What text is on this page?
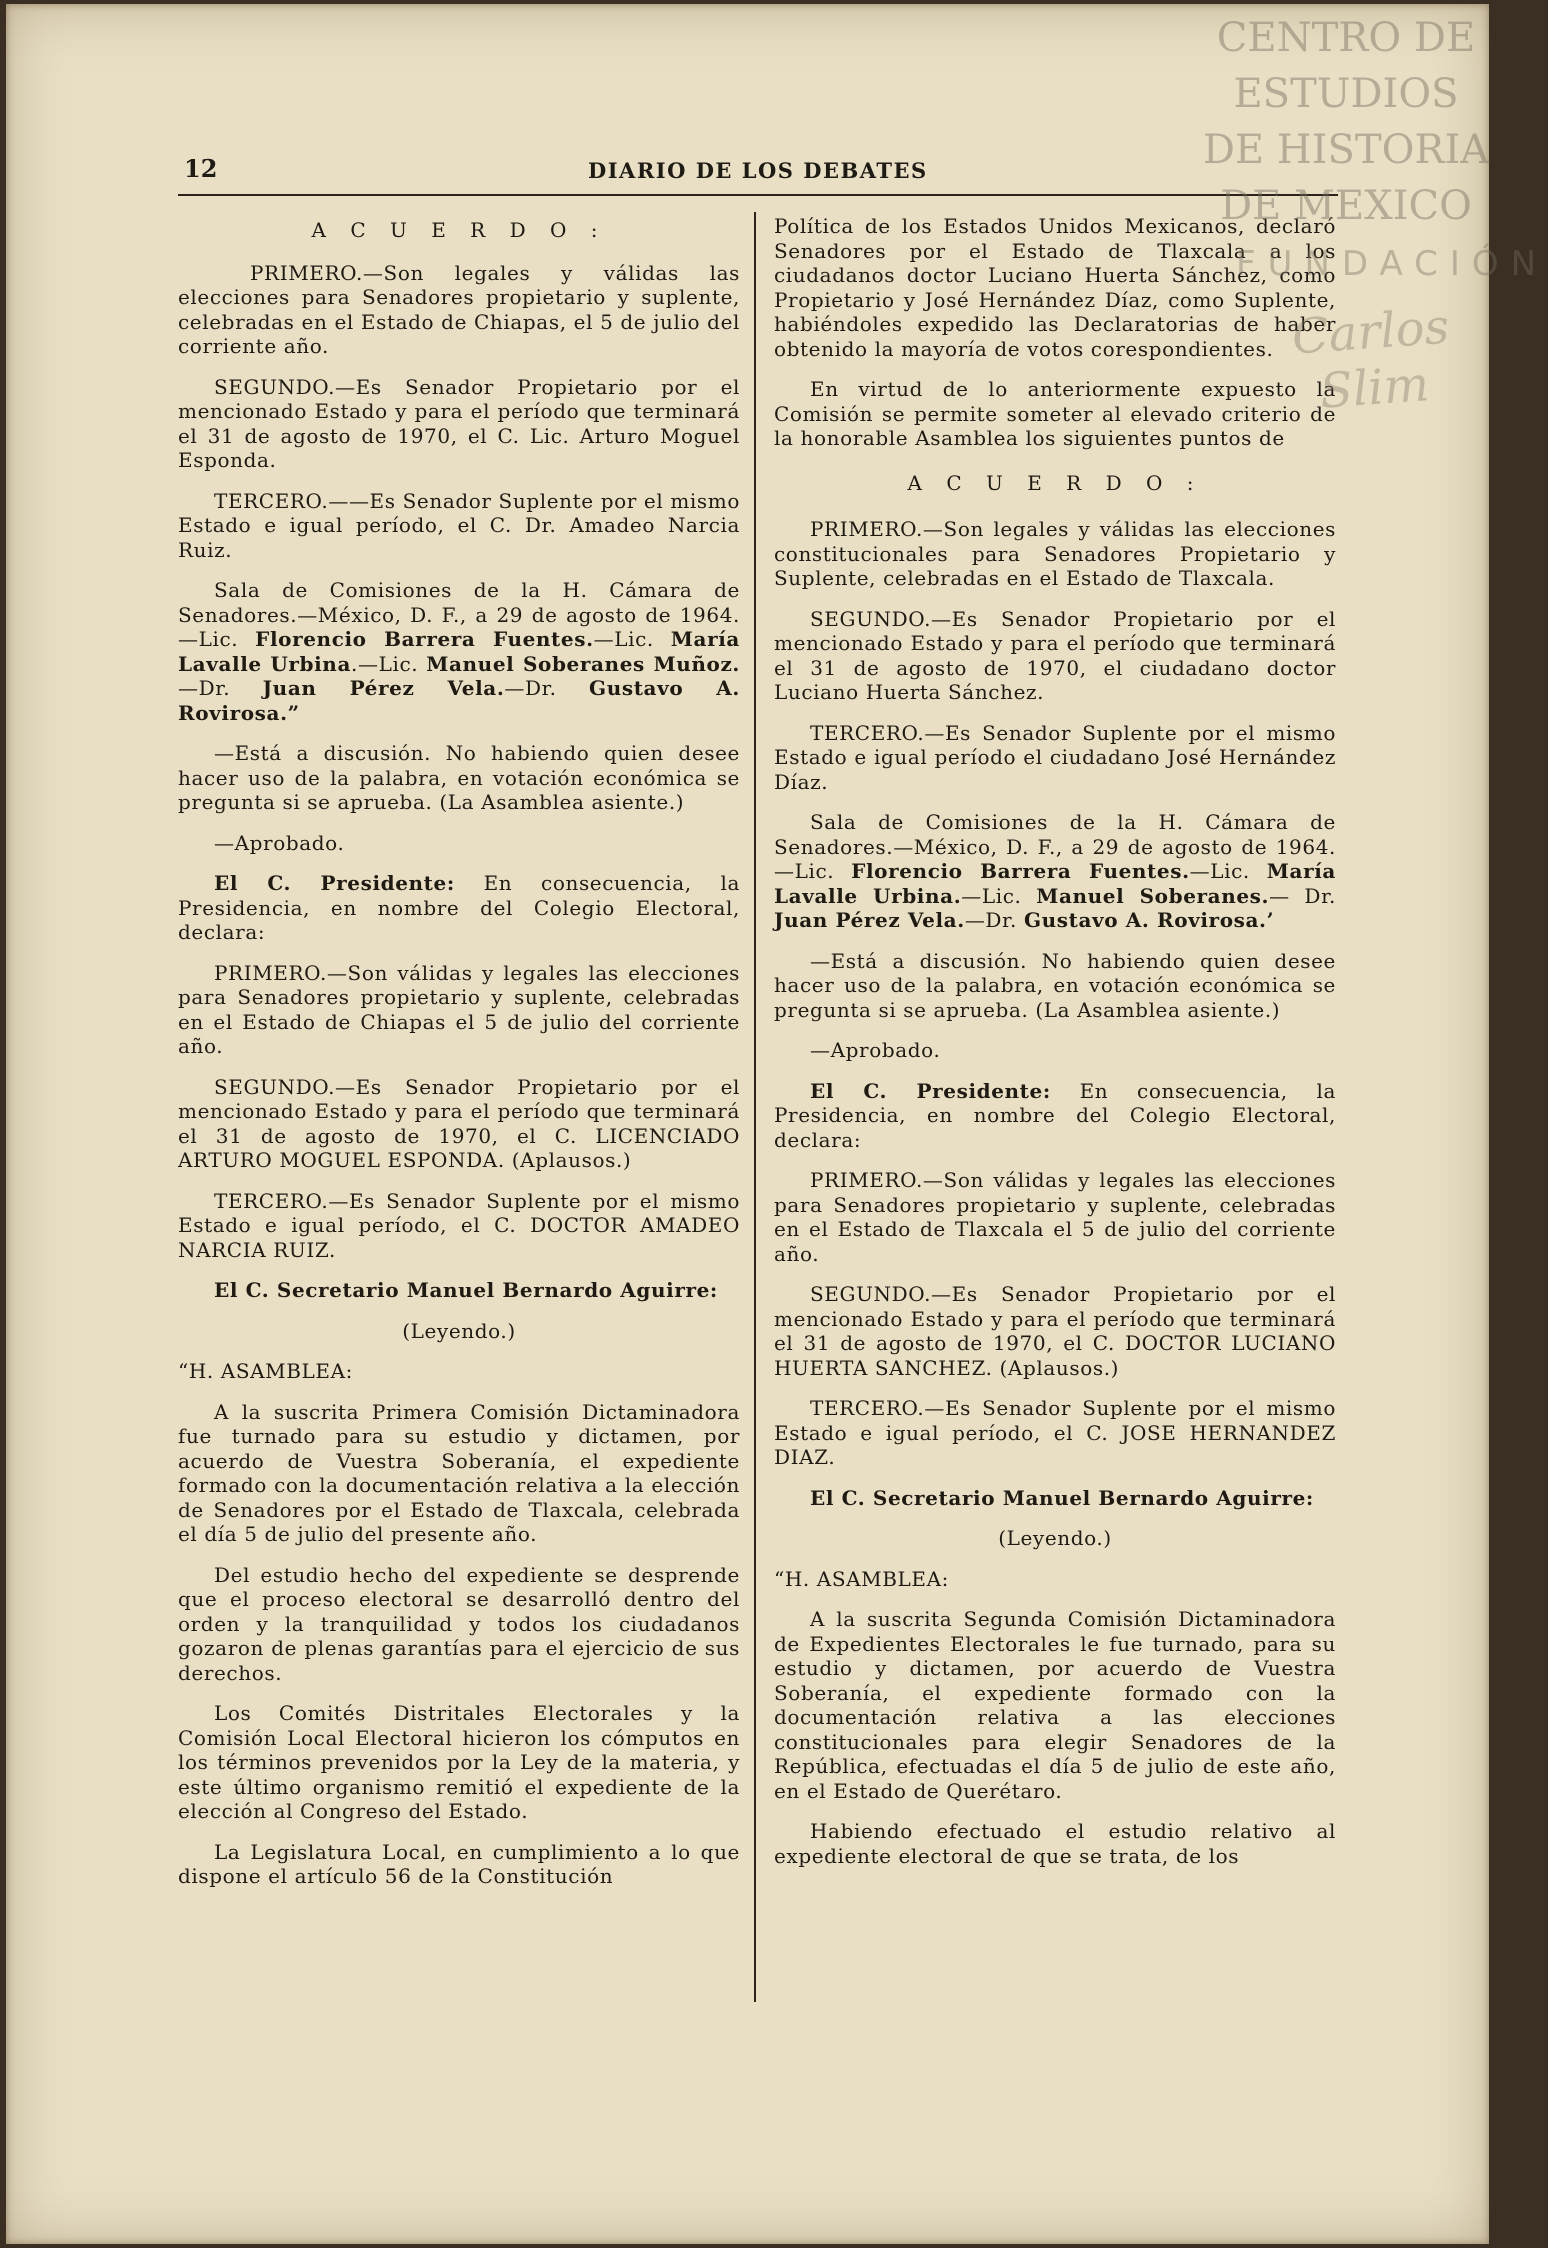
12	DIARIO DE LOS DEBATES

A C U E R D O :

PRIMERO.—Son legales y válidas las elecciones para Senadores propietario y suplente, celebradas en el Estado de Chiapas, el 5 de julio del corriente año.

SEGUNDO.—Es Senador Propietario por el mencionado Estado y para el período que terminará el 31 de agosto de 1970, el C. Lic. Arturo Moguel Esponda.

TERCERO.——Es Senador Suplente por el mismo Estado e igual período, el C. Dr. Amadeo Narcia Ruiz.

Sala de Comisiones de la H. Cámara de Senadores.—México, D. F., a 29 de agosto de 1964.—Lic. Florencio Barrera Fuentes.—Lic. María Lavalle Urbina.—Lic. Manuel Soberanes Muñoz.—Dr. Juan Pérez Vela.—Dr. Gustavo A. Rovirosa.”

—Está a discusión. No habiendo quien desee hacer uso de la palabra, en votación económica se pregunta si se aprueba. (La Asamblea asiente.)

—Aprobado.

El C. Presidente: En consecuencia, la Presidencia, en nombre del Colegio Electoral, declara:

PRIMERO.—Son válidas y legales las elecciones para Senadores propietario y suplente, celebradas en el Estado de Chiapas el 5 de julio del corriente año.

SEGUNDO.—Es Senador Propietario por el mencionado Estado y para el período que terminará el 31 de agosto de 1970, el C. LICENCIADO ARTURO MOGUEL ESPONDA. (Aplausos.)

TERCERO.—Es Senador Suplente por el mismo Estado e igual período, el C. DOCTOR AMADEO NARCIA RUIZ.

El C. Secretario Manuel Bernardo Aguirre:

(Leyendo.)

“H. ASAMBLEA:

A la suscrita Primera Comisión Dictaminadora fue turnado para su estudio y dictamen, por acuerdo de Vuestra Soberanía, el expediente formado con la documentación relativa a la elección de Senadores por el Estado de Tlaxcala, celebrada el día 5 de julio del presente año.

Del estudio hecho del expediente se desprende que el proceso electoral se desarrolló dentro del orden y la tranquilidad y todos los ciudadanos gozaron de plenas garantías para el ejercicio de sus derechos.

Los Comités Distritales Electorales y la Comisión Local Electoral hicieron los cómputos en los términos prevenidos por la Ley de la materia, y este último organismo remitió el expediente de la elección al Congreso del Estado.

La Legislatura Local, en cumplimiento a lo que dispone el artículo 56 de la Constitución

Política de los Estados Unidos Mexicanos, declaró Senadores por el Estado de Tlaxcala a los ciudadanos doctor Luciano Huerta Sánchez, como Propietario y José Hernández Díaz, como Suplente, habiéndoles expedido las Declaratorias de haber obtenido la mayoría de votos corespondientes.

En virtud de lo anteriormente expuesto la Comisión se permite someter al elevado criterio de la honorable Asamblea los siguientes puntos de

A C U E R D O :

PRIMERO.—Son legales y válidas las elecciones constitucionales para Senadores Propietario y Suplente, celebradas en el Estado de Tlaxcala.

SEGUNDO.—Es Senador Propietario por el mencionado Estado y para el período que terminará el 31 de agosto de 1970, el ciudadano doctor Luciano Huerta Sánchez.

TERCERO.—Es Senador Suplente por el mismo Estado e igual período el ciudadano José Hernández Díaz.

Sala de Comisiones de la H. Cámara de Senadores.—México, D. F., a 29 de agosto de 1964.—Lic. Florencio Barrera Fuentes.—Lic. María Lavalle Urbina.—Lic. Manuel Soberanes.— Dr. Juan Pérez Vela.—Dr. Gustavo A. Rovirosa.’

—Está a discusión. No habiendo quien desee hacer uso de la palabra, en votación económica se pregunta si se aprueba. (La Asamblea asiente.)

—Aprobado.

El C. Presidente: En consecuencia, la Presidencia, en nombre del Colegio Electoral, declara:

PRIMERO.—Son válidas y legales las elecciones para Senadores propietario y suplente, celebradas en el Estado de Tlaxcala el 5 de julio del corriente año.

SEGUNDO.—Es Senador Propietario por el mencionado Estado y para el período que terminará el 31 de agosto de 1970, el C. DOCTOR LUCIANO HUERTA SANCHEZ. (Aplausos.)

TERCERO.—Es Senador Suplente por el mismo Estado e igual período, el C. JOSE HERNANDEZ DIAZ.

El C. Secretario Manuel Bernardo Aguirre:

(Leyendo.)

“H. ASAMBLEA:

A la suscrita Segunda Comisión Dictaminadora de Expedientes Electorales le fue turnado, para su estudio y dictamen, por acuerdo de Vuestra Soberanía, el expediente formado con la documentación relativa a las elecciones constitucionales para elegir Senadores de la República, efectuadas el día 5 de julio de este año, en el Estado de Querétaro.

Habiendo efectuado el estudio relativo al expediente electoral de que se trata, de los

CENTRO DE
ESTUDIOS
DE HISTORIA
DE MEXICO
FUNDACIÓN
Carlos Slim
